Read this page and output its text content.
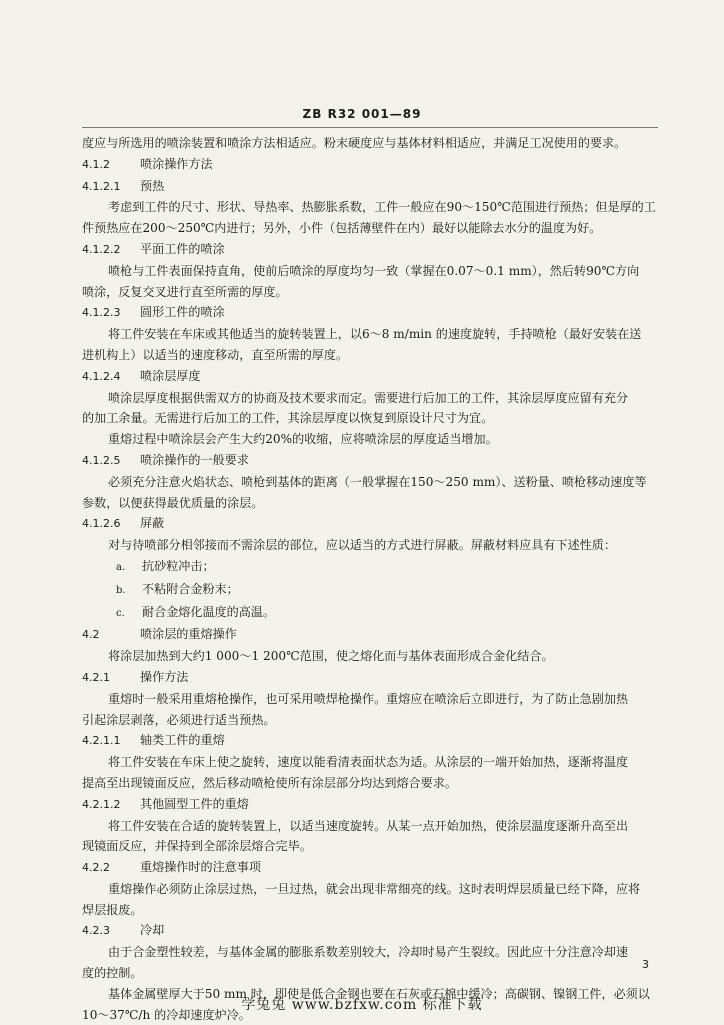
ZB R32 001—89
度应与所选用的喷涂装置和喷涂方法相适应。粉末硬度应与基体材料相适应，并满足工况使用的要求。
4.1.2 喷涂操作方法
4.1.2.1 预热
考虑到工件的尺寸、形状、导热率、热膨胀系数，工件一般应在90～150℃范围进行预热；但是厚的工
件预热应在200～250℃内进行；另外，小件（包括薄壁件在内）最好以能除去水分的温度为好。
4.1.2.2 平面工件的喷涂
喷枪与工件表面保持直角，使前后喷涂的厚度均匀一致（掌握在0.07～0.1 mm），然后转90℃方向
喷涂，反复交叉进行直至所需的厚度。
4.1.2.3 圆形工件的喷涂
将工件安装在车床或其他适当的旋转装置上，以6～8 m/min 的速度旋转，手持喷枪（最好安装在送
进机构上）以适当的速度移动，直至所需的厚度。
4.1.2.4 喷涂层厚度
喷涂层厚度根据供需双方的协商及技术要求而定。需要进行后加工的工件，其涂层厚度应留有充分
的加工余量。无需进行后加工的工件，其涂层厚度以恢复到原设计尺寸为宜。
重熔过程中喷涂层会产生大约20%的收缩，应将喷涂层的厚度适当增加。
4.1.2.5 喷涂操作的一般要求
必须充分注意火焰状态、喷枪到基体的距离（一般掌握在150～250 mm）、送粉量、喷枪移动速度等
参数，以便获得最优质量的涂层。
4.1.2.6 屏蔽
对与待喷部分相邻接而不需涂层的部位，应以适当的方式进行屏蔽。屏蔽材料应具有下述性质：
a. 抗砂粒冲击；
b. 不粘附合金粉末；
c. 耐合金熔化温度的高温。
4.2	喷涂层的重熔操作
将涂层加热到大约1 000～1 200℃范围，使之熔化而与基体表面形成合金化结合。
4.2.1 操作方法
重熔时一般采用重熔枪操作，也可采用喷焊枪操作。重熔应在喷涂后立即进行，为了防止急剧加热
引起涂层剥落，必须进行适当预热。
4.2.1.1 轴类工件的重熔
将工件安装在车床上使之旋转，速度以能看清表面状态为适。从涂层的一端开始加热，逐渐将温度
提高至出现镜面反应，然后移动喷枪使所有涂层部分均达到熔合要求。
4.2.1.2 其他圆型工件的重熔
将工件安装在合适的旋转装置上，以适当速度旋转。从某一点开始加热，使涂层温度逐渐升高至出
现镜面反应，并保持到全部涂层熔合完毕。
4.2.2 重熔操作时的注意事项
重熔操作必须防止涂层过热，一旦过热，就会出现非常细亮的线。这时表明焊层质量已经下降，应将
焊层报废。
4.2.3 冷却
由于合金塑性较差，与基体金属的膨胀系数差别较大，冷却时易产生裂纹。因此应十分注意冷却速
度的控制。
基体金属壁厚大于50 mm 时，即使是低合金钢也要在石灰或石棉中缓冷；高碳钢、镍钢工件，必须以
10～37℃/h 的冷却速度炉冷。
3
学兔兔 www.bzfxw.com 标准下载
